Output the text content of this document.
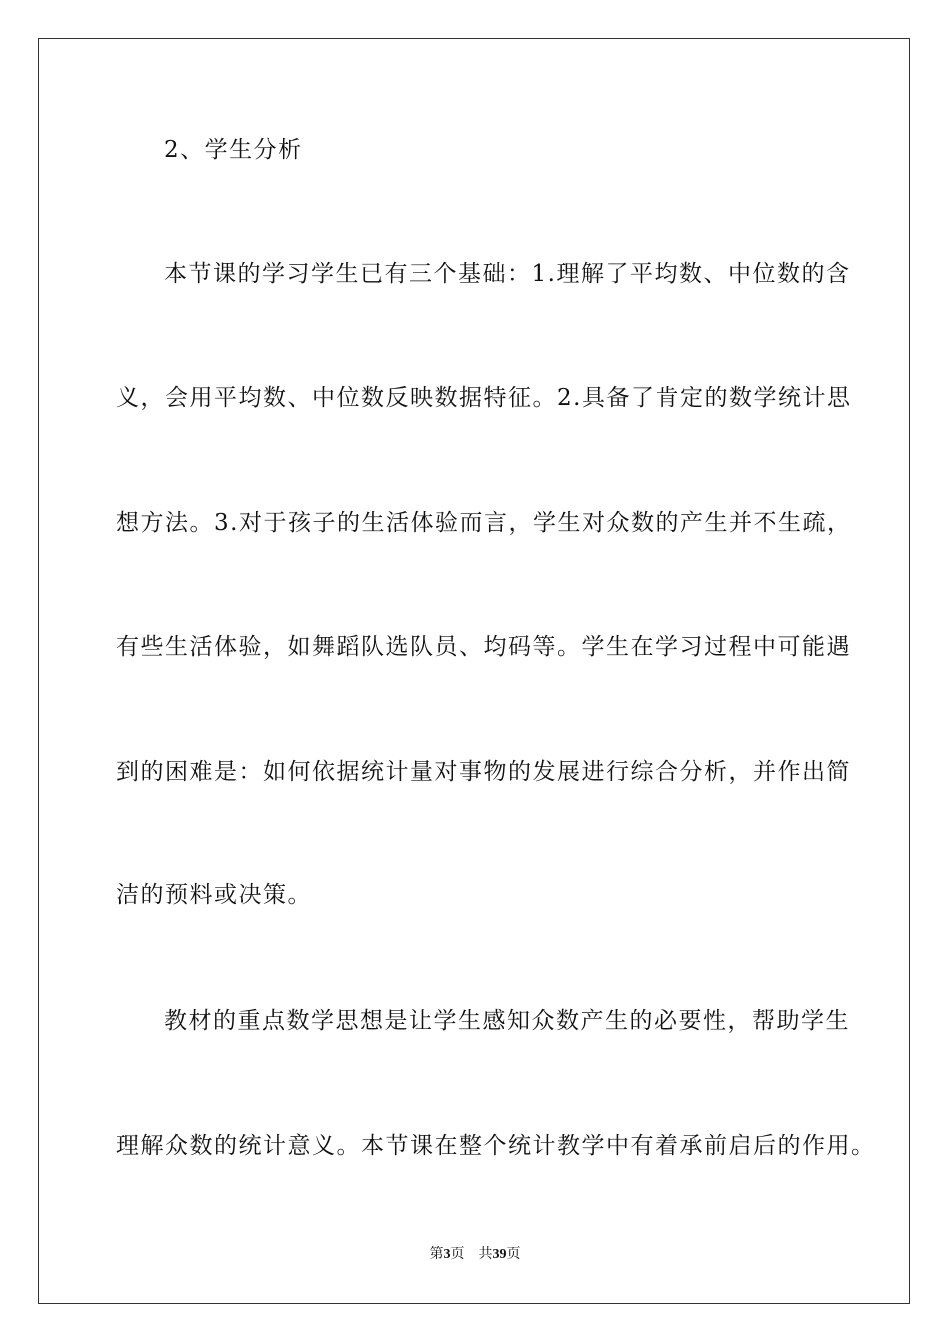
2、学生分析
本节课的学习学生已有三个基础：1.理解了平均数、中位数的含
义，会用平均数、中位数反映数据特征。2.具备了肯定的数学统计思
想方法。3.对于孩子的生活体验而言，学生对众数的产生并不生疏，
有些生活体验，如舞蹈队选队员、均码等。学生在学习过程中可能遇
到的困难是：如何依据统计量对事物的发展进行综合分析，并作出简
洁的预料或决策。
教材的重点数学思想是让学生感知众数产生的必要性，帮助学生
理解众数的统计意义。本节课在整个统计教学中有着承前启后的作用。
第3页 共39页
